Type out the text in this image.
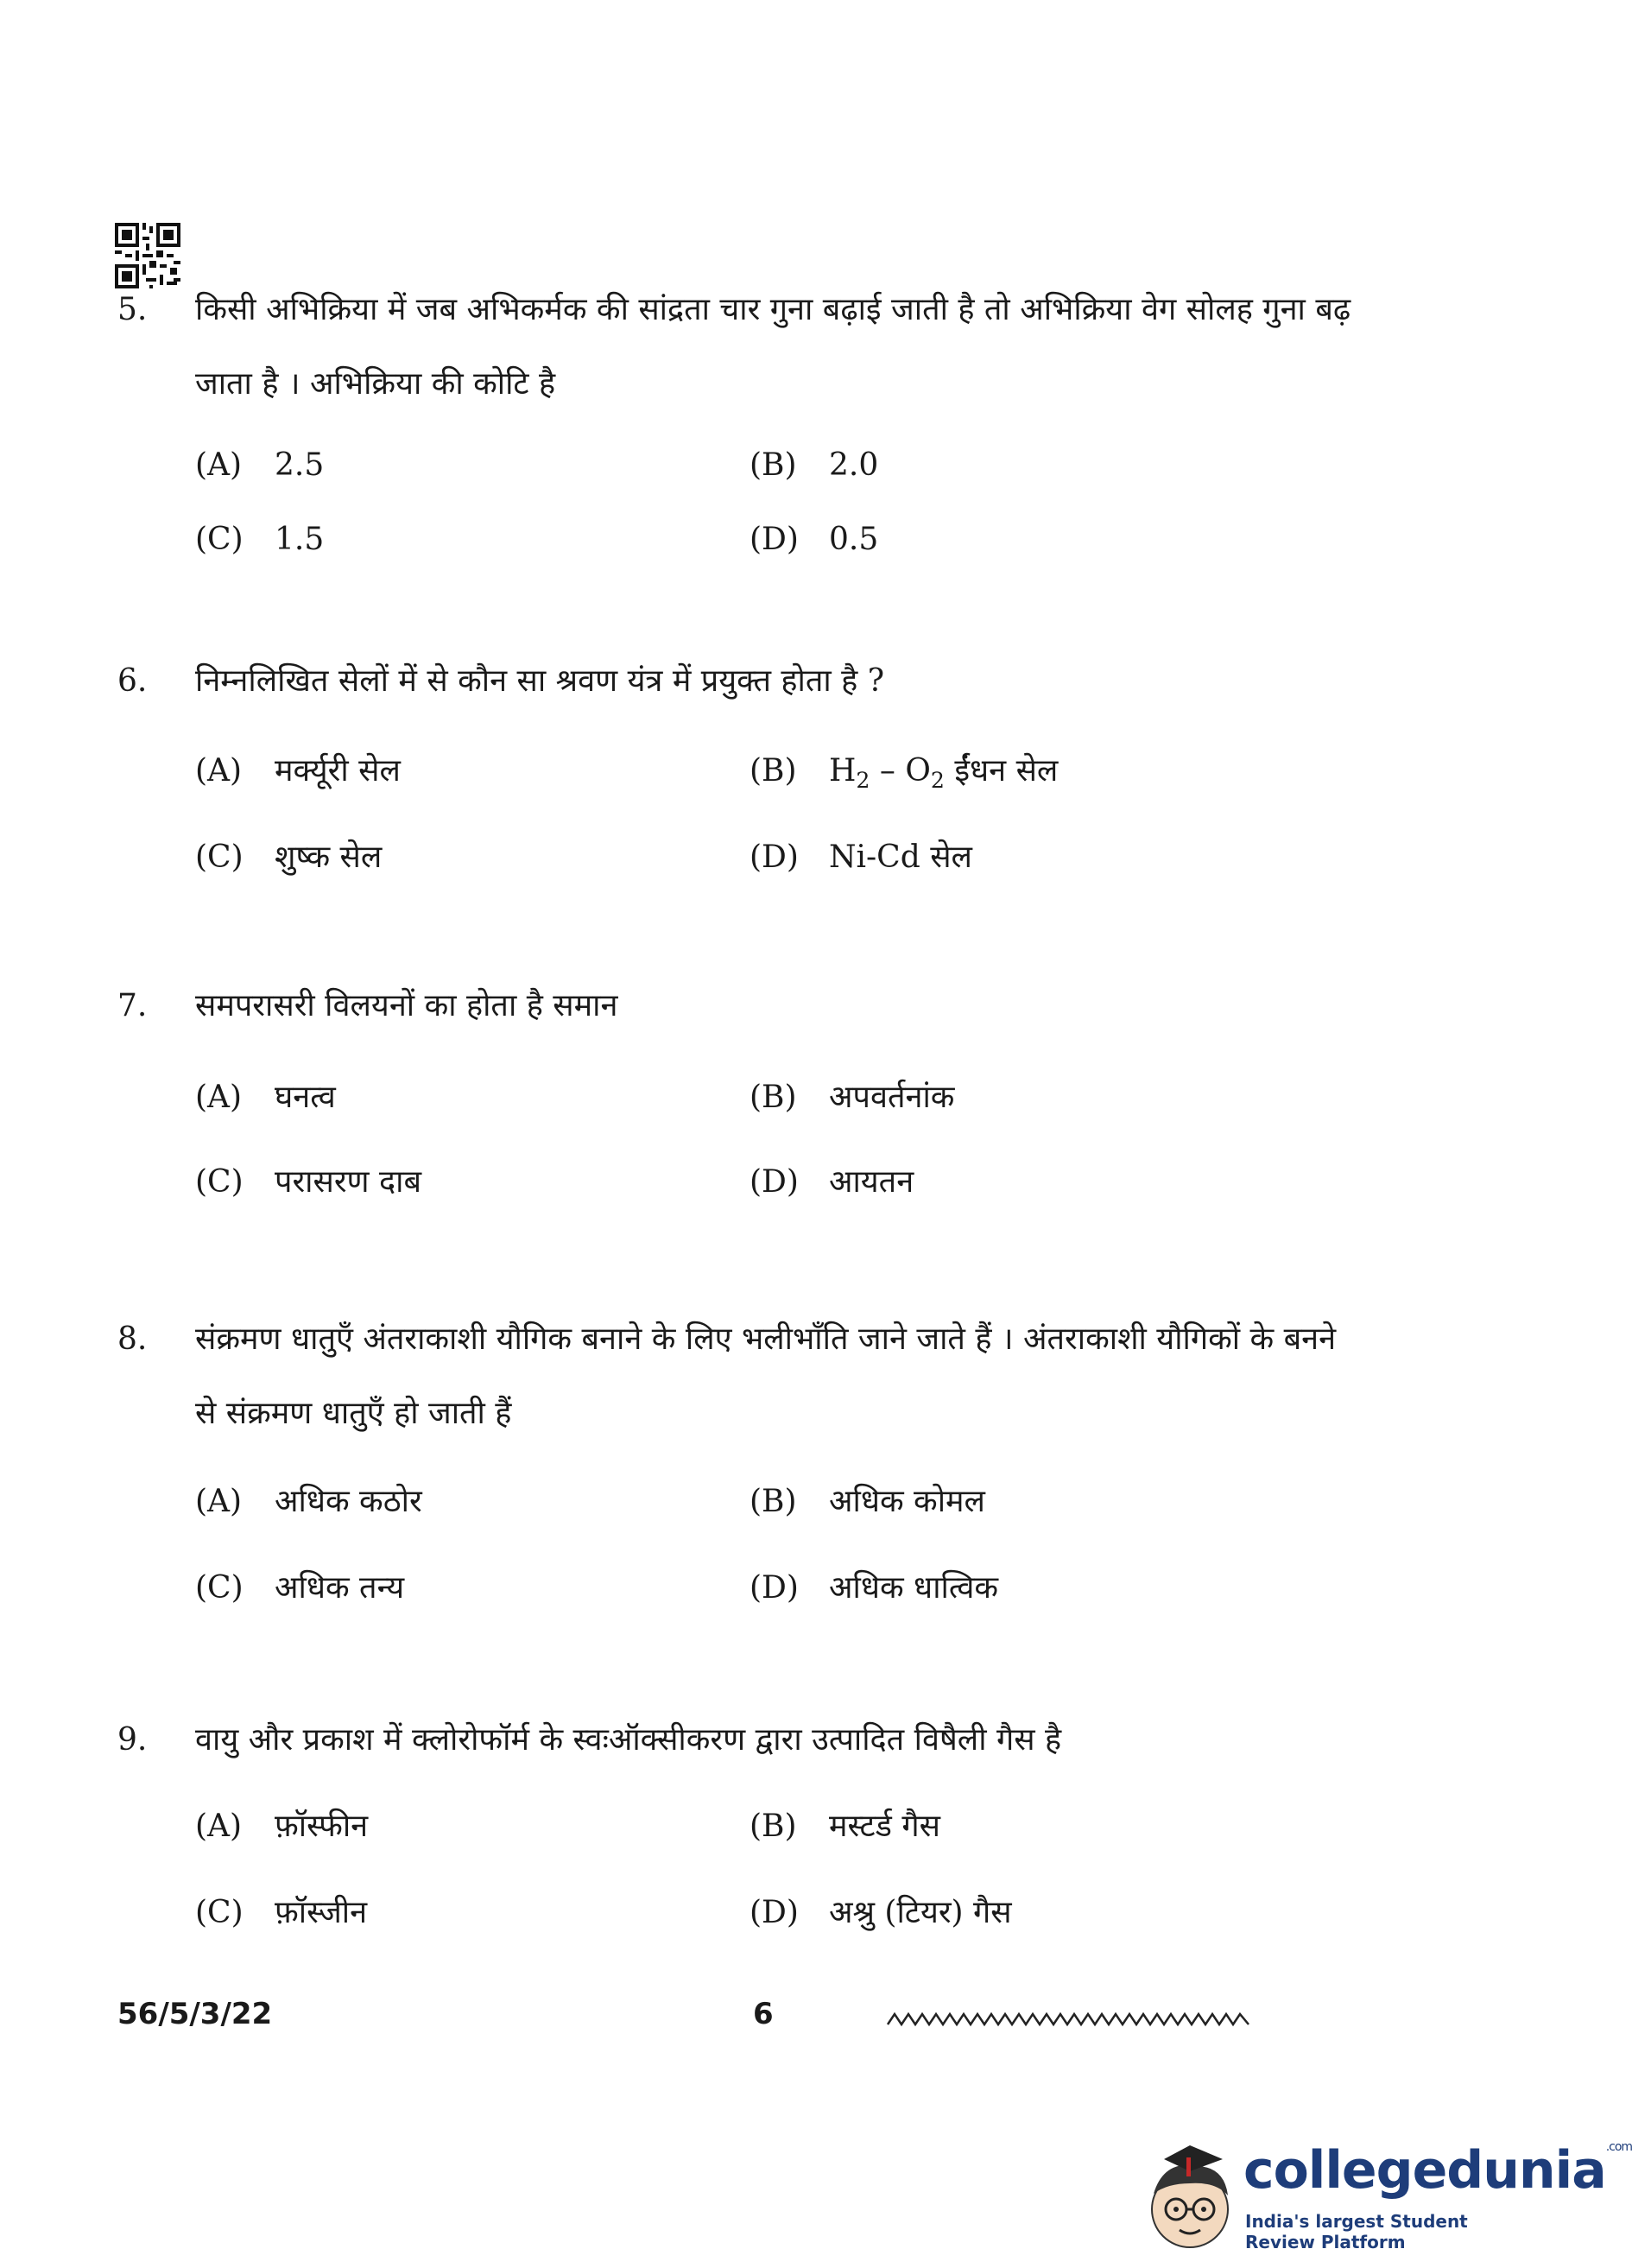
5. किसी अभिक्रिया में जब अभिकर्मक की सांद्रता चार गुना बढ़ाई जाती है तो अभिक्रिया वेग सोलह गुना बढ़ जाता है । अभिक्रिया की कोटि है
(A) 2.5	(B) 2.0
(C) 1.5	(D) 0.5
6. निम्नलिखित सेलों में से कौन सा श्रवण यंत्र में प्रयुक्त होता है ?
(A) मर्क्यूरी सेल	(B) $H_2 - O_2$ ईंधन सेल
(C) शुष्क सेल	(D) Ni-Cd सेल
7. समपरासरी विलयनों का होता है समान
(A) घनत्व	(B) अपवर्तनांक
(C) परासरण दाब	(D) आयतन
8. संक्रमण धातुएँ अंतराकाशी यौगिक बनाने के लिए भलीभाँति जाने जाते हैं । अंतराकाशी यौगिकों के बनने से संक्रमण धातुएँ हो जाती हैं
(A) अधिक कठोर	(B) अधिक कोमल
(C) अधिक तन्य	(D) अधिक धात्विक
9. वायु और प्रकाश में क्लोरोफॉर्म के स्वःऑक्सीकरण द्वारा उत्पादित विषैली गैस है
(A) फ़ॉस्फीन	(B) मस्टर्ड गैस
(C) फ़ॉस्जीन	(D) अश्रु (टियर) गैस
56/5/3/22	6
collegedunia$^{.com}$
India's largest Student Review Platform
